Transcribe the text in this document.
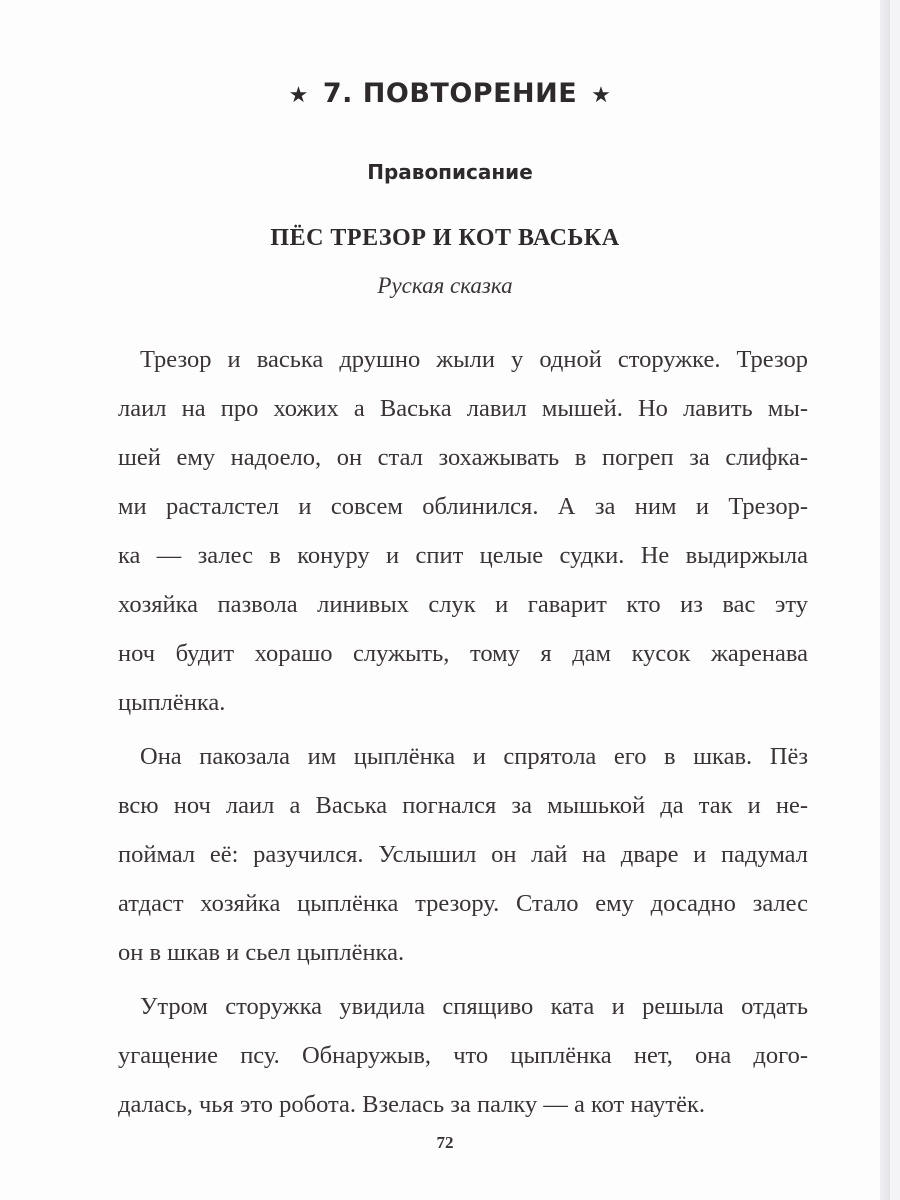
★ 7. ПОВТОРЕНИЕ ★
Правописание
ПЁС ТРЕЗОР И КОТ ВАСЬКА
Руская сказка
Трезор и васька друшно жыли у одной сторужке. Трезор
лаил на про хожих а Васька лавил мышей. Но лавить мы-
шей ему надоело, он стал зохажывать в погреп за слифка-
ми расталстел и совсем облинился. А за ним и Трезор-
ка — залес в конуру и спит целые судки. Не выдиржыла
хозяйка пазвола линивых слук и гаварит кто из вас эту
ноч будит хорашо служыть, тому я дам кусок жаренава
цыплёнка.
Она пакозала им цыплёнка и спрятола его в шкав. Пёз
всю ноч лаил а Васька погнался за мышькой да так и не-
поймал её: разучился. Услышил он лай на дваре и падумал
атдаст хозяйка цыплёнка трезору. Стало ему досадно залес
он в шкав и сьел цыплёнка.
Утром сторужка увидила спящиво ката и решыла отдать
угащение псу. Обнаружыв, что цыплёнка нет, она дого-
далась, чья это робота. Взелась за палку — а кот наутёк.
72
